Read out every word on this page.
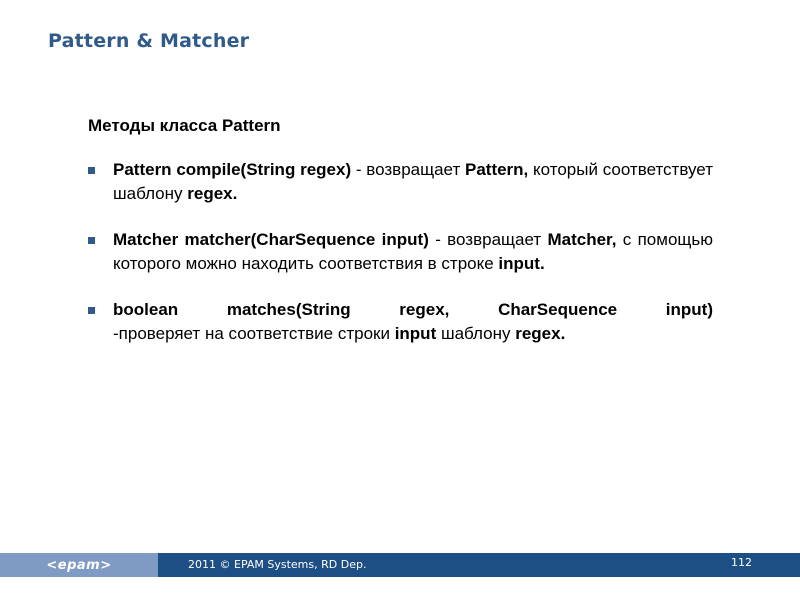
Pattern & Matcher
Методы класса Pattern
Pattern compile(String regex) - возвращает Pattern, который соответствует шаблону regex.
Matcher matcher(CharSequence input) - возвращает Matcher, с помощью которого можно находить соответствия в строке input.
boolean matches(String regex, CharSequence input)
-проверяет на соответствие строки input шаблону regex.
<epam>	2011 © EPAM Systems, RD Dep.	112
